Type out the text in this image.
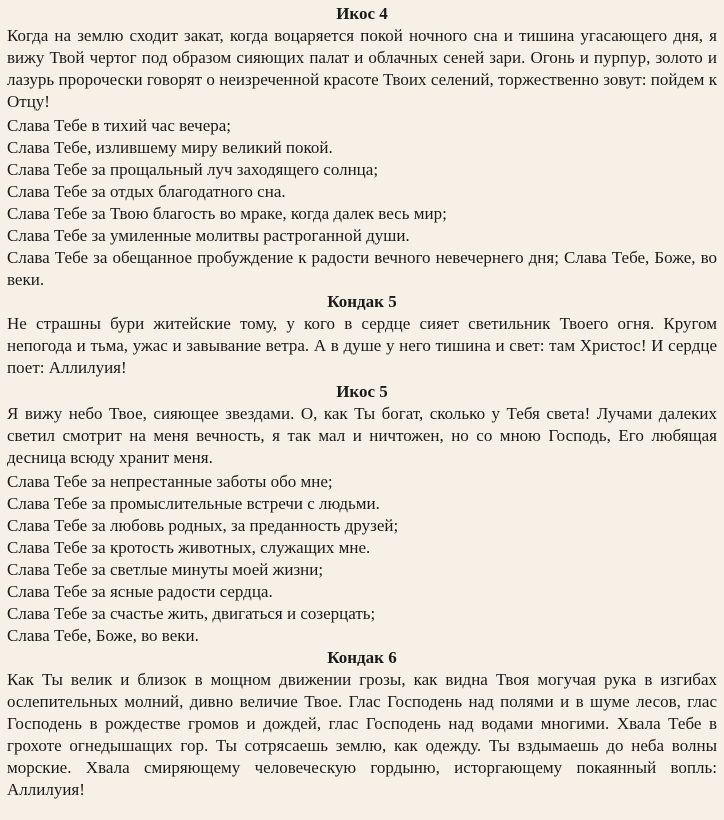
Икос 4
Когда на землю сходит закат, когда воцаряется покой ночного сна и тишина угасающего дня, я вижу Твой чертог под образом сияющих палат и облачных сеней зари. Огонь и пурпур, золото и лазурь пророчески говорят о неизреченной красоте Твоих селений, торжественно зовут: пойдем к Отцу!
Слава Тебе в тихий час вечера;
Слава Тебе, излившему миру великий покой.
Слава Тебе за прощальный луч заходящего солнца;
Слава Тебе за отдых благодатного сна.
Слава Тебе за Твою благость во мраке, когда далек весь мир;
Слава Тебе за умиленные молитвы растроганной души.
Слава Тебе за обещанное пробуждение к радости вечного невечернего дня; Слава Тебе, Боже, во веки.
Кондак 5
Не страшны бури житейские тому, у кого в сердце сияет светильник Твоего огня. Кругом непогода и тьма, ужас и завывание ветра. А в душе у него тишина и свет: там Христос! И сердце поет: Аллилуия!
Икос 5
Я вижу небо Твое, сияющее звездами. О, как Ты богат, сколько у Тебя света! Лучами далеких светил смотрит на меня вечность, я так мал и ничтожен, но со мною Господь, Его любящая десница всюду хранит меня.
Слава Тебе за непрестанные заботы обо мне;
Слава Тебе за промыслительные встречи с людьми.
Слава Тебе за любовь родных, за преданность друзей;
Слава Тебе за кротость животных, служащих мне.
Слава Тебе за светлые минуты моей жизни;
Слава Тебе за ясные радости сердца.
Слава Тебе за счастье жить, двигаться и созерцать;
Слава Тебе, Боже, во веки.
Кондак 6
Как Ты велик и близок в мощном движении грозы, как видна Твоя могучая рука в изгибах ослепительных молний, дивно величие Твое. Глас Господень над полями и в шуме лесов, глас Господень в рождестве громов и дождей, глас Господень над водами многими. Хвала Тебе в грохоте огнедышащих гор. Ты сотрясаешь землю, как одежду. Ты вздымаешь до неба волны морские. Хвала смиряющему человеческую гордыню, исторгающему покаянный вопль: Аллилуия!
